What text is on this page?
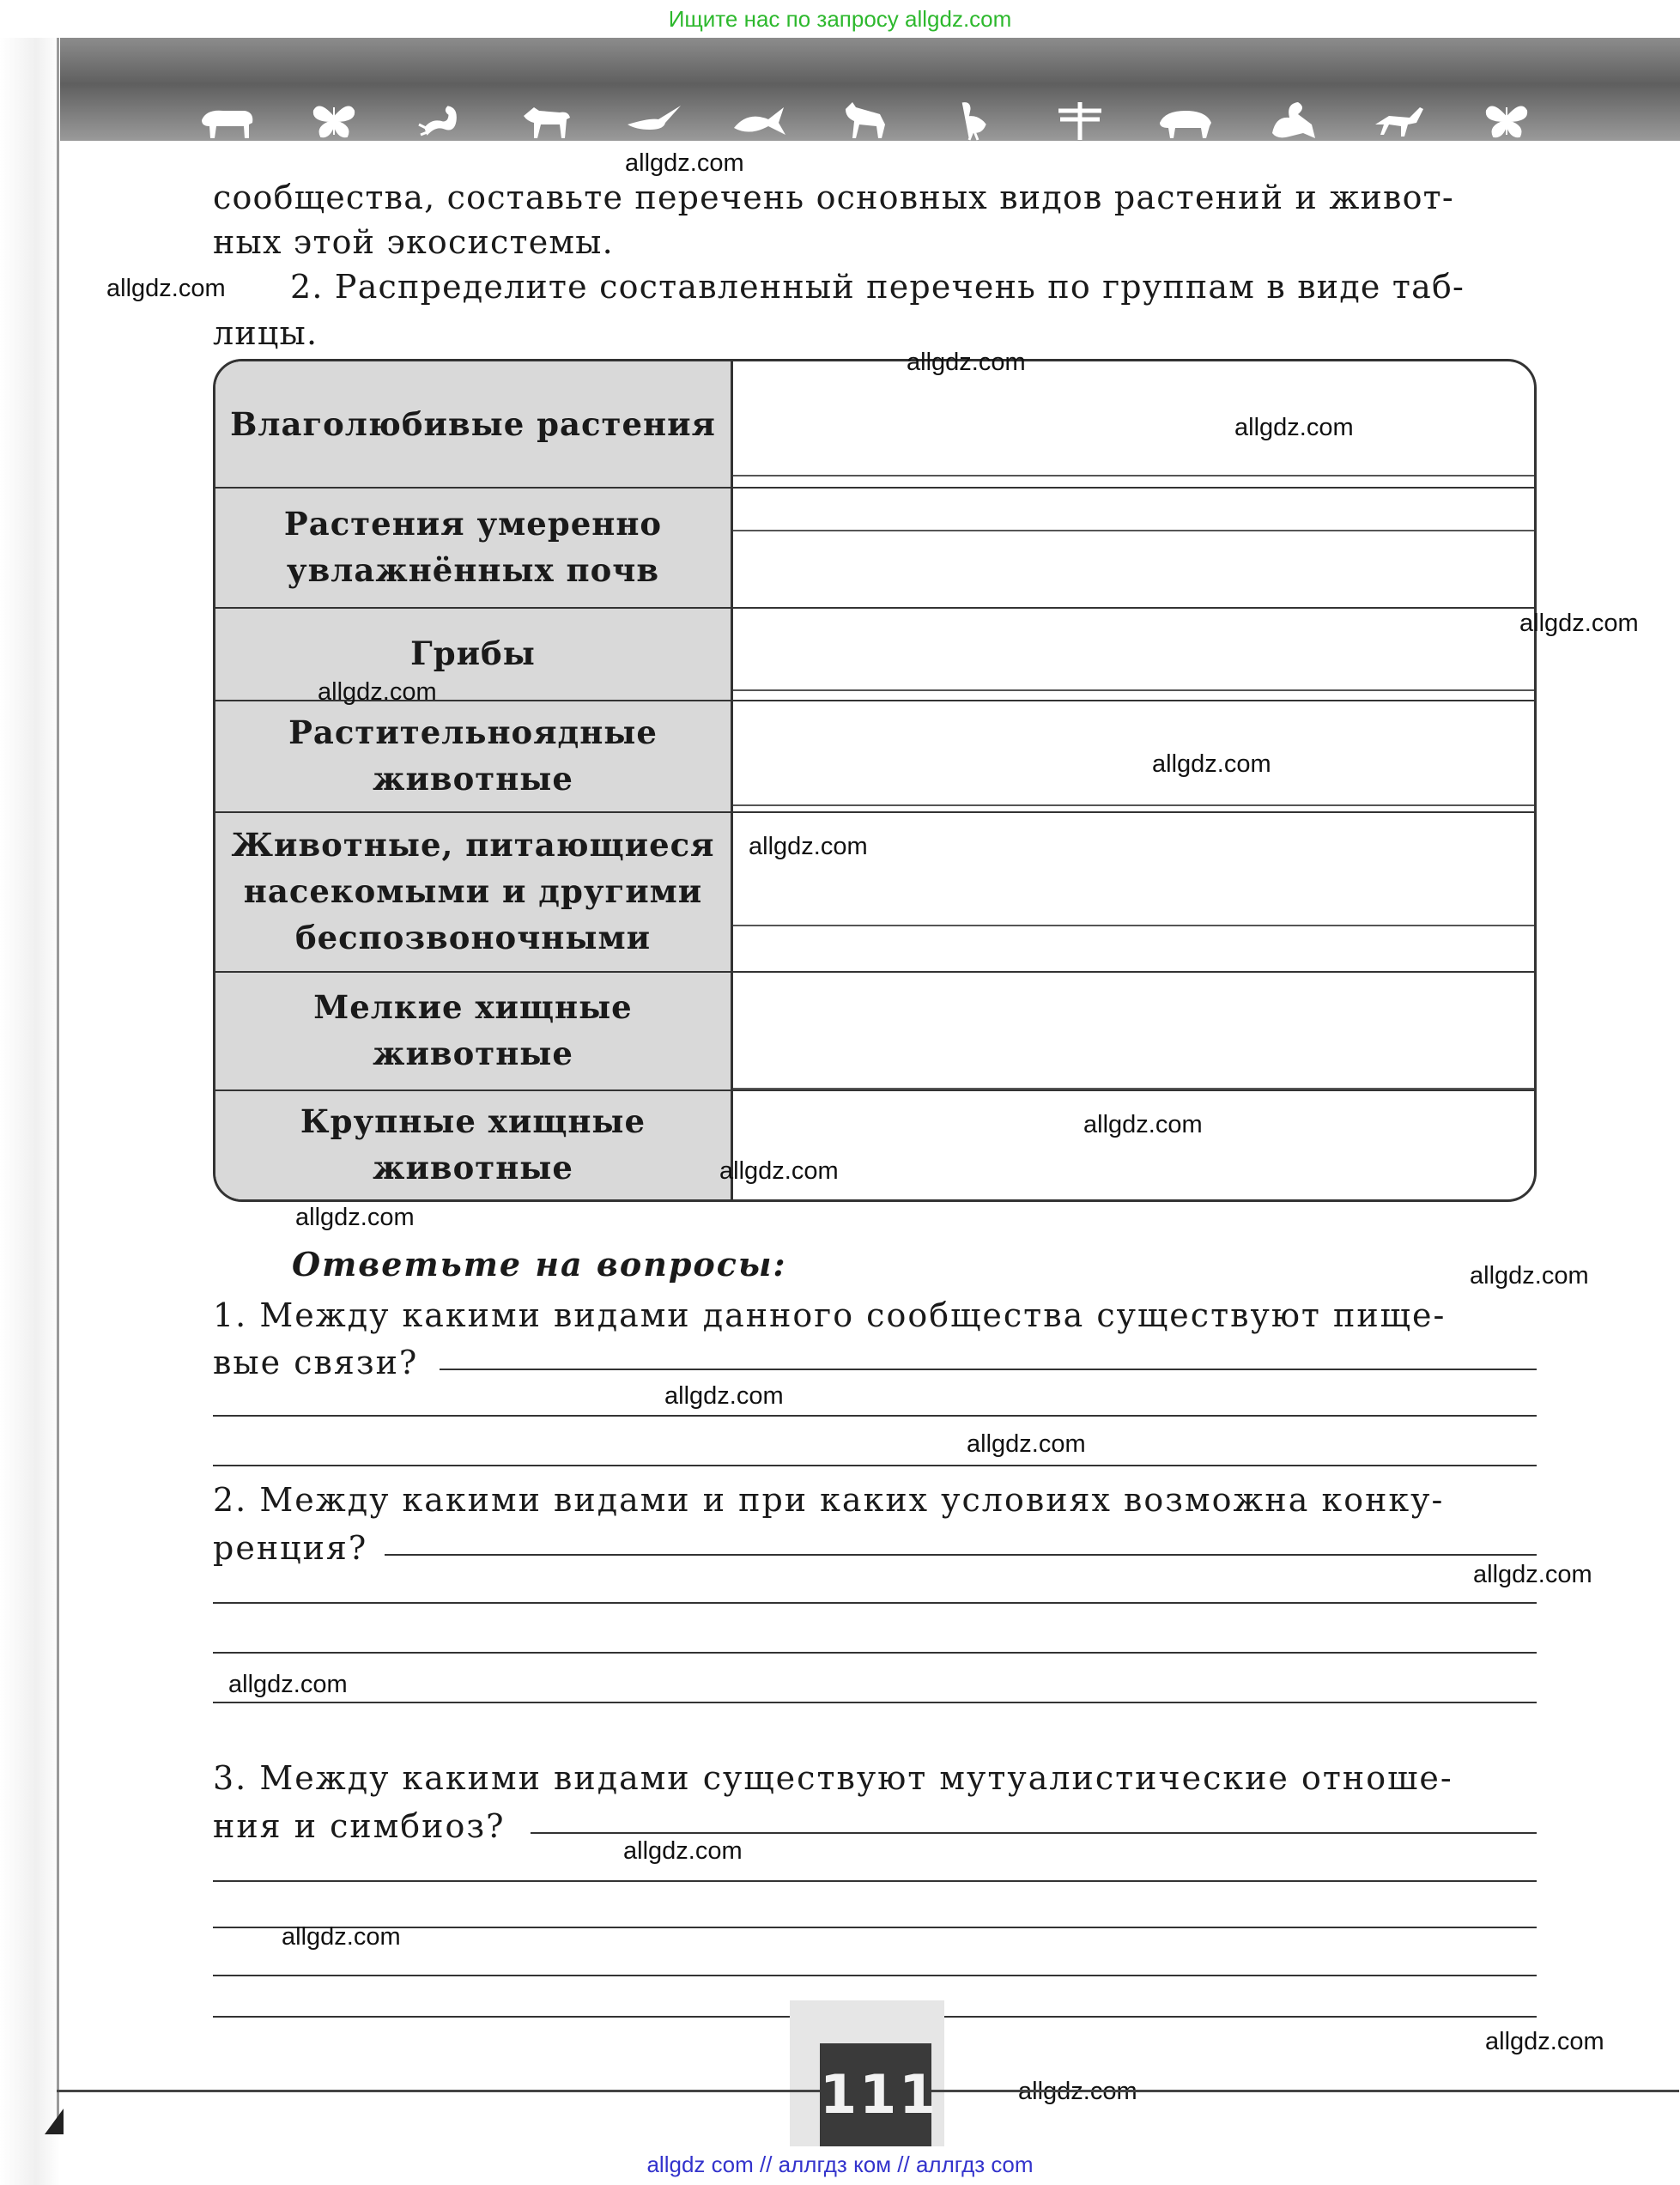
Ищите нас по запросу allgdz.com
сообщества, составьте перечень основных видов растений и живот-
ных этой экосистемы.
2. Распределите составленный перечень по группам в виде таб-
лицы.
Влаголюбивые растения
Растения умеренно увлажнённых почв
Грибы
Растительноядные животные
Животные, питающиеся насекомыми и другими беспозвоночными
Мелкие хищные животные
Крупные хищные животные
Ответьте на вопросы:
1. Между какими видами данного сообщества существуют пище-
вые связи?
2. Между какими видами и при каких условиях возможна конку-
ренция?
3. Между какими видами существуют мутуалистические отноше-
ния и симбиоз?
allgdz.com
allgdz.com
allgdz.com
allgdz.com
allgdz.com
allgdz.com
allgdz.com
allgdz.com
allgdz.com
allgdz.com
allgdz.com
allgdz.com
allgdz.com
allgdz.com
allgdz.com
allgdz.com
allgdz.com
allgdz.com
allgdz.com
allgdz.com
111
allgdz com // аллгдз ком // аллгдз com
